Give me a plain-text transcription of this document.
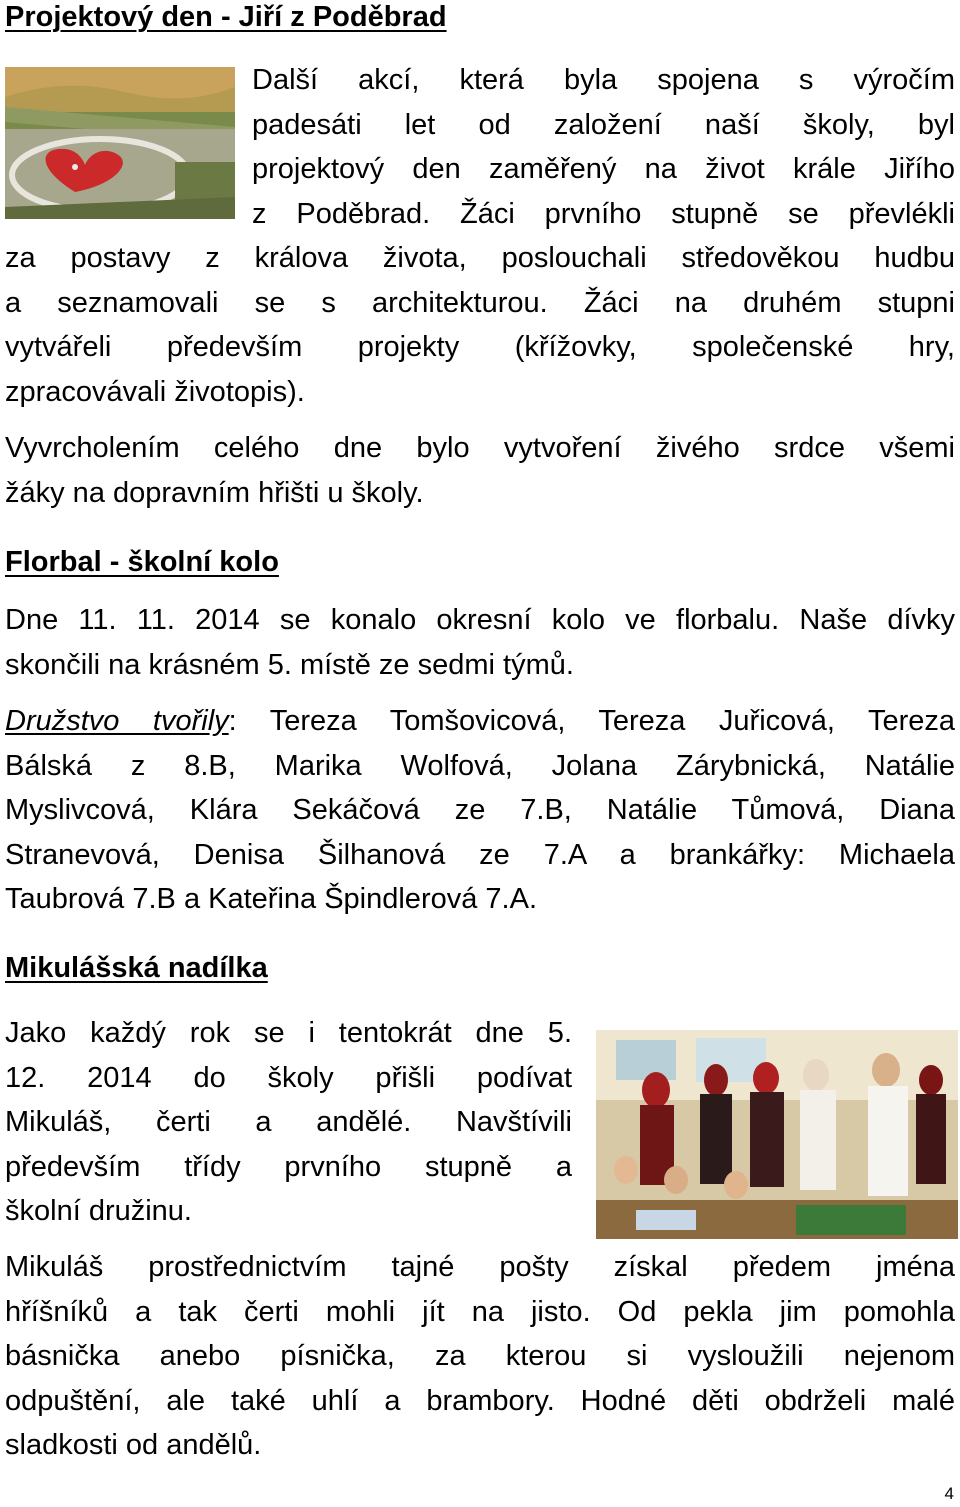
Projektový den - Jiří z Poděbrad
Další akcí, která byla spojena s výročím
padesáti let od založení naší školy, byl
projektový den zaměřený na život krále Jiřího
z Poděbrad. Žáci prvního stupně se převlékli
za postavy z králova života, poslouchali středověkou hudbu
a seznamovali se s architekturou. Žáci na druhém stupni
vytvářeli především projekty (křížovky, společenské hry,
zpracovávali životopis).
Vyvrcholením celého dne bylo vytvoření živého srdce všemi
žáky na dopravním hřišti u školy.
Florbal - školní kolo
Dne 11. 11. 2014 se konalo okresní kolo ve florbalu. Naše dívky
skončili na krásném 5. místě ze sedmi týmů.
Družstvo tvořily: Tereza Tomšovicová, Tereza Juřicová, Tereza
Bálská z 8.B, Marika Wolfová, Jolana Zárybnická, Natálie
Myslivcová, Klára Sekáčová ze 7.B, Natálie Tůmová, Diana
Stranevová, Denisa Šilhanová ze 7.A a brankářky: Michaela
Taubrová 7.B a Kateřina Špindlerová 7.A.
Mikulášská nadílka
Jako každý rok se i tentokrát dne 5.
12. 2014 do školy přišli podívat
Mikuláš, čerti a andělé. Navštívili
především třídy prvního stupně a
školní družinu.
Mikuláš prostřednictvím tajné pošty získal předem jména
hříšníků a tak čerti mohli jít na jisto. Od pekla jim pomohla
básnička anebo písnička, za kterou si vysloužili nejenom
odpuštění, ale také uhlí a brambory. Hodné děti obdrželi malé
sladkosti od andělů.
4
